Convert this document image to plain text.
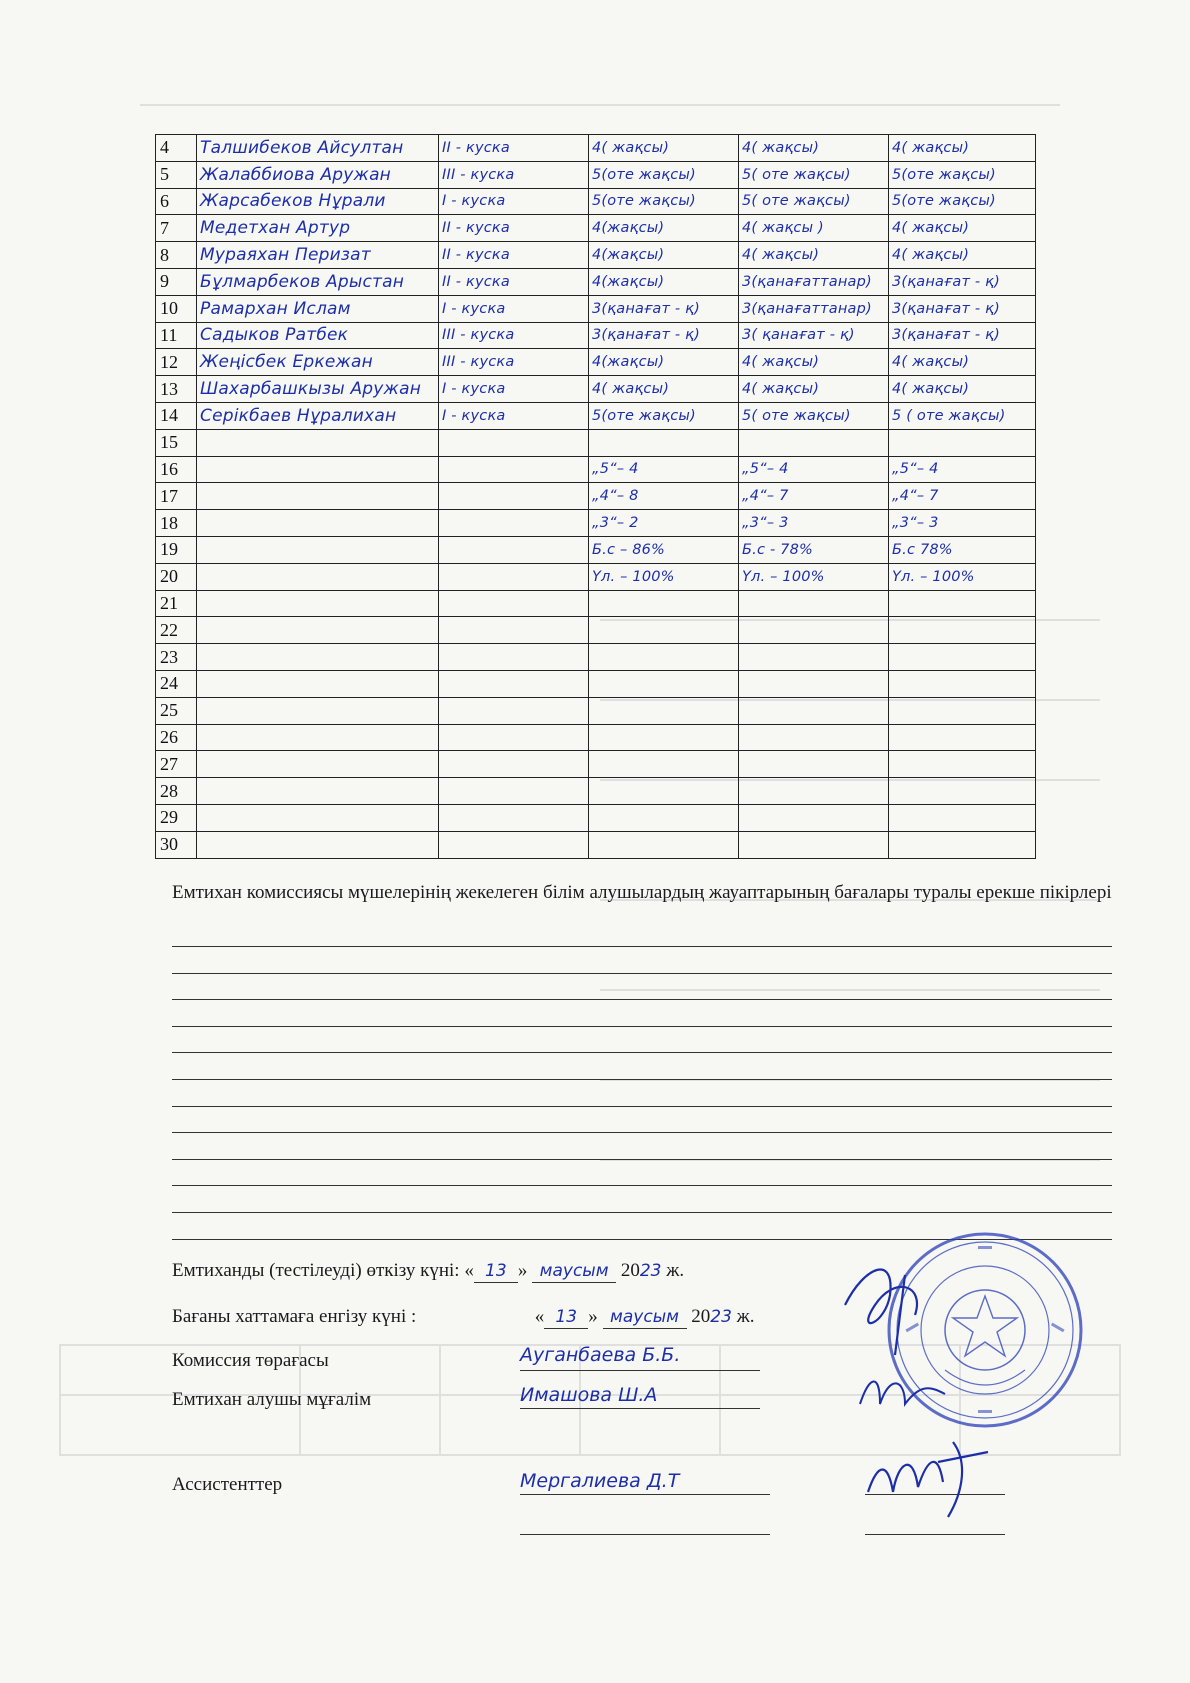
4	Талшибеков Айсултан	ІІ - куска	4( жақсы)	4( жақсы)	4( жақсы)
5	Жалаббиова Аружан	ІІІ - куска	5(оте жақсы)	5( оте жақсы)	5(оте жақсы)
6	Жарсабеков Нұрали	І - куска	5(оте жақсы)	5( оте жақсы)	5(оте жақсы)
7	Медетхан Артур	ІІ - куска	4(жақсы)	4( жақсы )	4( жақсы)
8	Мураяхан Перизат	ІІ - куска	4(жақсы)	4( жақсы)	4( жақсы)
9	Бұлмарбеков Арыстан	ІІ - куска	4(жақсы)	3(қанағаттанар)	3(қанағат - қ)
10	Рамархан Ислам	І - куска	3(қанағат - қ)	3(қанағаттанар)	3(қанағат - қ)
11	Садыков Ратбек	ІІІ - куска	3(қанағат - қ)	3( қанағат - қ)	3(қанағат - қ)
12	Жеңісбек Еркежан	ІІІ - куска	4(жақсы)	4( жақсы)	4( жақсы)
13	Шахарбашкызы Аружан	І - куска	4( жақсы)	4( жақсы)	4( жақсы)
14	Серікбаев Нұралихан	І - куска	5(оте жақсы)	5( оте жақсы)	5 ( оте жақсы)
15					
16			„5“– 4	„5“– 4	„5“– 4
17			„4“– 8	„4“– 7	„4“– 7
18			„3“– 2	„3“– 3	„3“– 3
19			Б.с – 86%	Б.с - 78%	Б.с 78%
20			Үл. – 100%	Үл. – 100%	Үл. – 100%
21					
22					
23					
24					
25					
26					
27					
28					
29					
30					
Емтихан комиссиясы мүшелерінің жекелеген білім алушылардың жауаптарының бағалары туралы ерекше пікірлері
Емтиханды (тестілеуді) өткізу күні: « 13 » маусым 2023 ж.
Бағаны хаттамаға енгізу күні :	« 13 » маусым 2023 ж.
Комиссия төрағасы	Ауганбаева Б.Б.
Емтихан алушы мұғалім	Имашова Ш.А
Ассистенттер	Мергалиева Д.Т
